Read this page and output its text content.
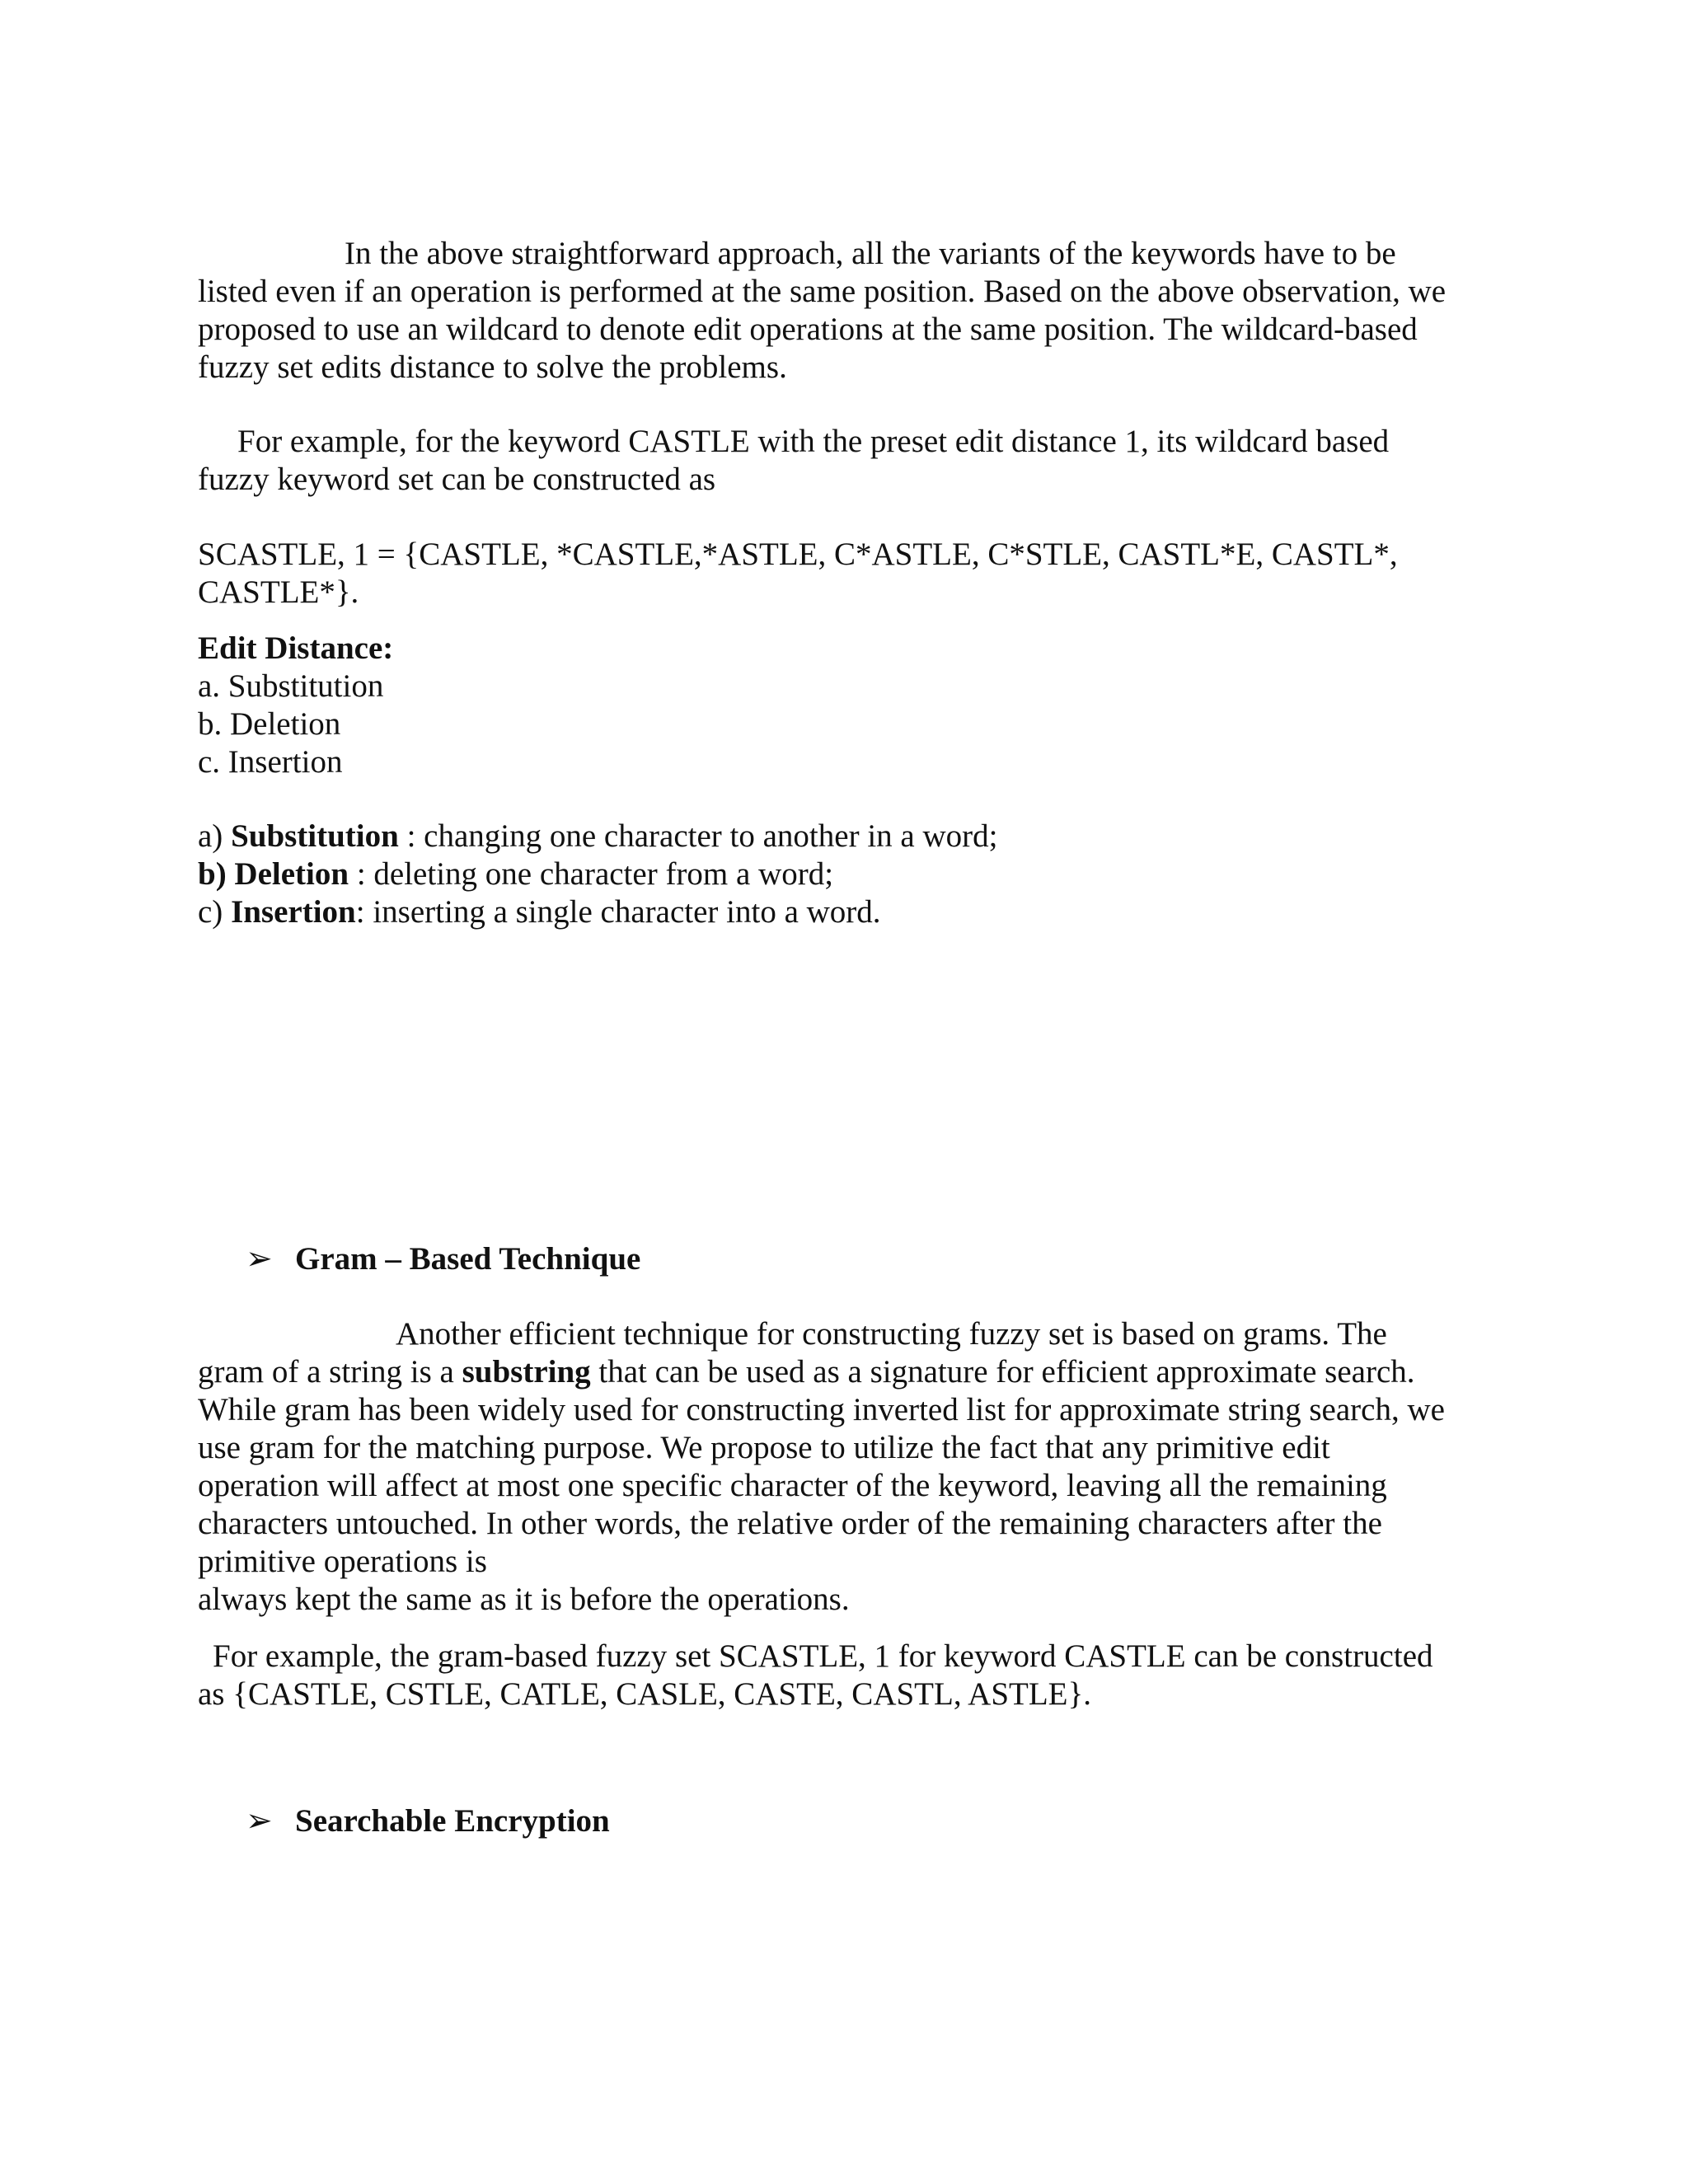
In the above straightforward approach, all the variants of the keywords have to be
listed even if an operation is performed at the same position. Based on the above observation, we
proposed to use an wildcard to denote edit operations at the same position. The wildcard-based
fuzzy set edits distance to solve the problems.
For example, for the keyword CASTLE with the preset edit distance 1, its wildcard based
fuzzy keyword set can be constructed as
SCASTLE, 1 = {CASTLE, *CASTLE,*ASTLE, C*ASTLE, C*STLE, CASTL*E, CASTL*,
CASTLE*}.
Edit Distance:
a. Substitution
b. Deletion
c. Insertion
a) Substitution : changing one character to another in a word;
b) Deletion : deleting one character from a word;
c) Insertion: inserting a single character into a word.
➢ Gram – Based Technique
Another efficient technique for constructing fuzzy set is based on grams. The
gram of a string is a substring that can be used as a signature for efficient approximate search.
While gram has been widely used for constructing inverted list for approximate string search, we
use gram for the matching purpose. We propose to utilize the fact that any primitive edit
operation will affect at most one specific character of the keyword, leaving all the remaining
characters untouched. In other words, the relative order of the remaining characters after the
primitive operations is
always kept the same as it is before the operations.
For example, the gram-based fuzzy set SCASTLE, 1 for keyword CASTLE can be constructed
as {CASTLE, CSTLE, CATLE, CASLE, CASTE, CASTL, ASTLE}.
➢ Searchable Encryption
